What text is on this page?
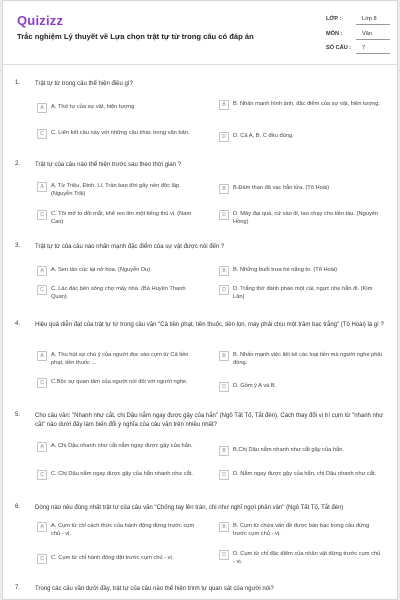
Quizizz
Trắc nghiệm Lý thuyết về Lựa chọn trật tự từ trong câu có đáp án
LỚP :	Lớp 8
MÔN :	Văn
SỐ CÂU : 7
1. Trật tự từ trong câu thể hiện điều gì?
A	A. Thứ tự của sự vật, hiện tượng	B	B. Nhấn mạnh hình ảnh, đặc điểm của sự vật, hiện tượng.
C	C. Liên kết câu này với những câu khác trong văn bản.
D	D. Cả A, B, C đều đúng.
2. Trật tự của câu nào thể hiện trước sau theo thời gian ?
A	A. Từ Triệu, Đinh, Lí, Trần bao đời gây nền độc lập. (Nguyễn Trãi)
B	B.Đám than đã vạc hẳn lửa. (Tô Hoài)
C	C. Tôi mở to đôi mắt, khẽ reo lên một tiếng thú vị. (Nam Cao)
D	D. Mây đại quá, cứ vào đi, tao chạy cho tiền tàu. (Nguyên Hồng)
3. Trật tự từ của câu nào nhấn mạnh đặc điểm của sự vật được nói đến ?
A	A. Sen tàn cúc lại nở hoa. (Nguyễn Du)	B	B. Những buổi trưa hè nắng to. (Tô Hoài)
C	C. Lác đác bên sông chợ mấy nhà. (Bà Huyện Thanh Quan)
D	D. Trắng thờ đành pháo một cái, ngực nhẹ hẳn đi. (Kim Lân)
4. Hiệu quả diễn đạt của trật tự từ trong câu văn "Cả tiền phạt, tiền thuốc, tiền lọn, máy phải chịu một trăm bạc trắng" (Tô Hoài) là gì ?
A	A. Thu hút sự chú ý của người đọc vào cụm từ Cả tiền phạt, tiền thuốc ...
B	B. Nhấn mạnh việc liệt kê các loại tiền mà người nghe phải đóng.
C	C.Bộc sự quan tâm của người nói đối với người nghe.
D	D. Gồm ý A và B.
5. Cho câu văn: "Nhanh như cắt, chị Dậu nắm ngay được gậy của hắn" (Ngô Tất Tố, Tắt đèn). Cách thay đổi vị trí cụm từ "nhanh như cắt" nào dưới đây làm biến đổi ý nghĩa của câu văn trên nhiều nhất?
A	A. Chị Dậu nhanh như cắt nắm ngay được gậy của hắn.
B	B.Chị Dậu nắm nhanh như cắt gậy của hắn.
C	C. Chị Dậu nắm ngay được gậy của hắn nhanh như cắt.	D	D. Nắm ngay được gậy của hắn, chị Dậu nhanh như cắt.
6. Dòng nào nêu đúng nhất trật tự của câu văn "Chống tay lên trán, chị như nghĩ ngợi phân vân" (Ngô Tất Tố, Tắt đèn)
A	A. Cụm từ chỉ cách thức của hành động đứng trước cụm chủ - vị.
B	B. Cụm từ chứa vấn đề được bàn bạc trong câu đứng trước cụm chủ - vị.
C	C. Cụm từ chỉ hành động đặt trước cụm chủ - vị.	D	D. Cụm từ chỉ đặc điểm của nhân vật đứng trước cụm chủ - vị.
7. Trong các câu văn dưới đây, trật tự của câu nào thể hiện trình tự quan sát của người nói?
